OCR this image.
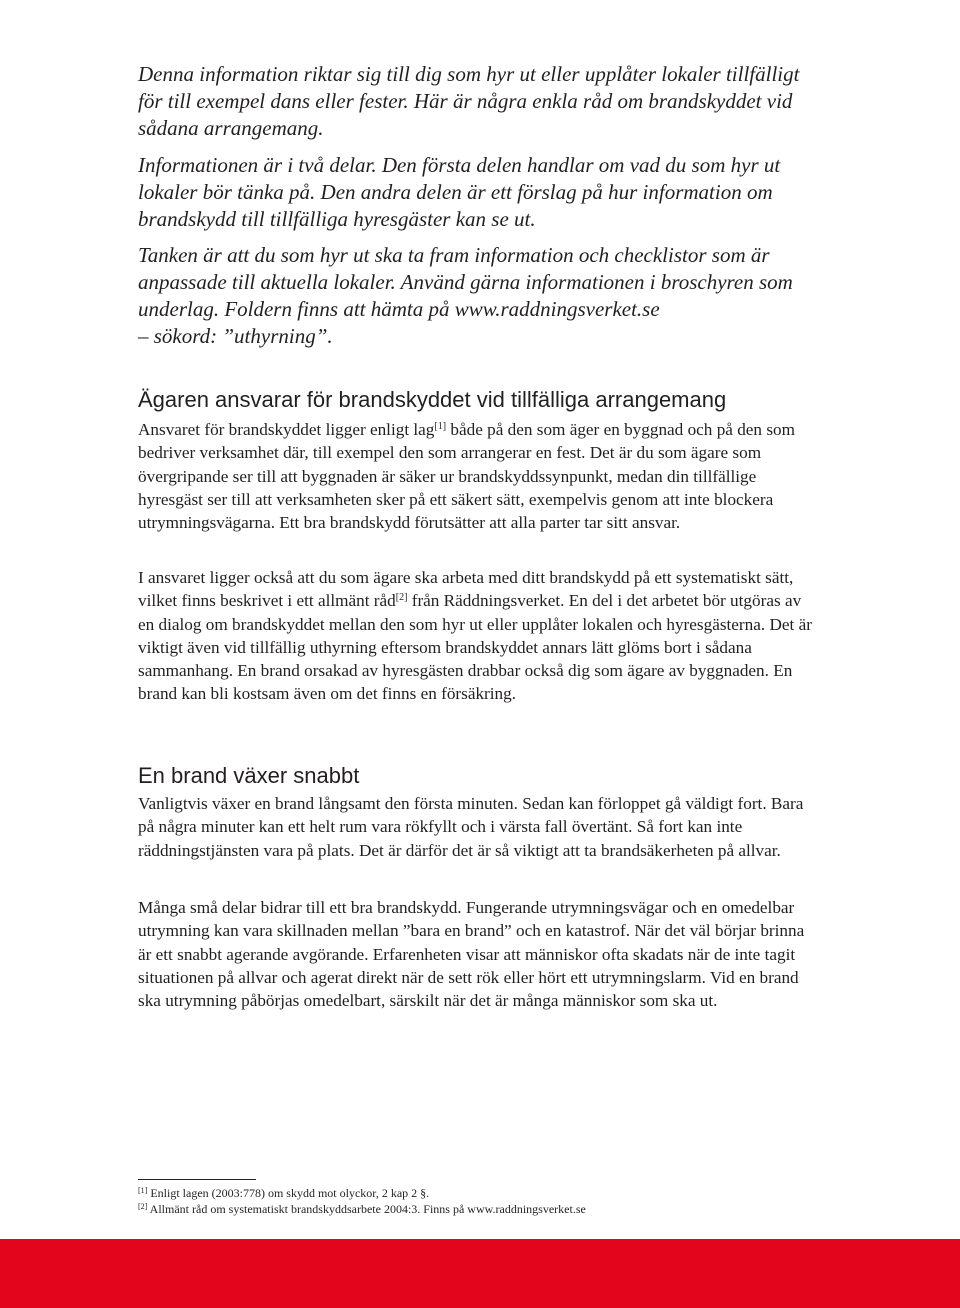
Denna information riktar sig till dig som hyr ut eller upplåter lokaler tillfälligt för till exempel dans eller fester. Här är några enkla råd om brandskyddet vid sådana arrangemang.

Informationen är i två delar. Den första delen handlar om vad du som hyr ut lokaler bör tänka på. Den andra delen är ett förslag på hur information om brandskydd till tillfälliga hyresgäster kan se ut.

Tanken är att du som hyr ut ska ta fram information och checklistor som är anpassade till aktuella lokaler. Använd gärna informationen i broschyren som underlag. Foldern finns att hämta på www.raddningsverket.se
– sökord: ”uthyrning”.

Ägaren ansvarar för brandskyddet vid tillfälliga arrangemang

Ansvaret för brandskyddet ligger enligt lag[1] både på den som äger en byggnad och på den som bedriver verksamhet där, till exempel den som arrangerar en fest. Det är du som ägare som övergripande ser till att byggnaden är säker ur brandskyddssynpunkt, medan din tillfällige hyresgäst ser till att verksamheten sker på ett säkert sätt, exempelvis genom att inte blockera utrymningsvägarna. Ett bra brandskydd förutsätter att alla parter tar sitt ansvar.

I ansvaret ligger också att du som ägare ska arbeta med ditt brandskydd på ett systematiskt sätt, vilket finns beskrivet i ett allmänt råd[2] från Räddningsverket. En del i det arbetet bör utgöras av en dialog om brandskyddet mellan den som hyr ut eller upplåter lokalen och hyresgästerna. Det är viktigt även vid tillfällig uthyrning eftersom brandskyddet annars lätt glöms bort i sådana sammanhang. En brand orsakad av hyresgästen drabbar också dig som ägare av byggnaden. En brand kan bli kostsam även om det finns en försäkring.

En brand växer snabbt

Vanligtvis växer en brand långsamt den första minuten. Sedan kan förloppet gå väldigt fort. Bara på några minuter kan ett helt rum vara rökfyllt och i värsta fall övertänt. Så fort kan inte räddningstjänsten vara på plats. Det är därför det är så viktigt att ta brandsäkerheten på allvar.

Många små delar bidrar till ett bra brandskydd. Fungerande utrymningsvägar och en omedelbar utrymning kan vara skillnaden mellan ”bara en brand” och en katastrof. När det väl börjar brinna är ett snabbt agerande avgörande. Erfarenheten visar att människor ofta skadats när de inte tagit situationen på allvar och agerat direkt när de sett rök eller hört ett utrymningslarm. Vid en brand ska utrymning påbörjas omedelbart, särskilt när det är många människor som ska ut.

[1] Enligt lagen (2003:778) om skydd mot olyckor, 2 kap 2 §.

[2] Allmänt råd om systematiskt brandskyddsarbete 2004:3. Finns på www.raddningsverket.se
